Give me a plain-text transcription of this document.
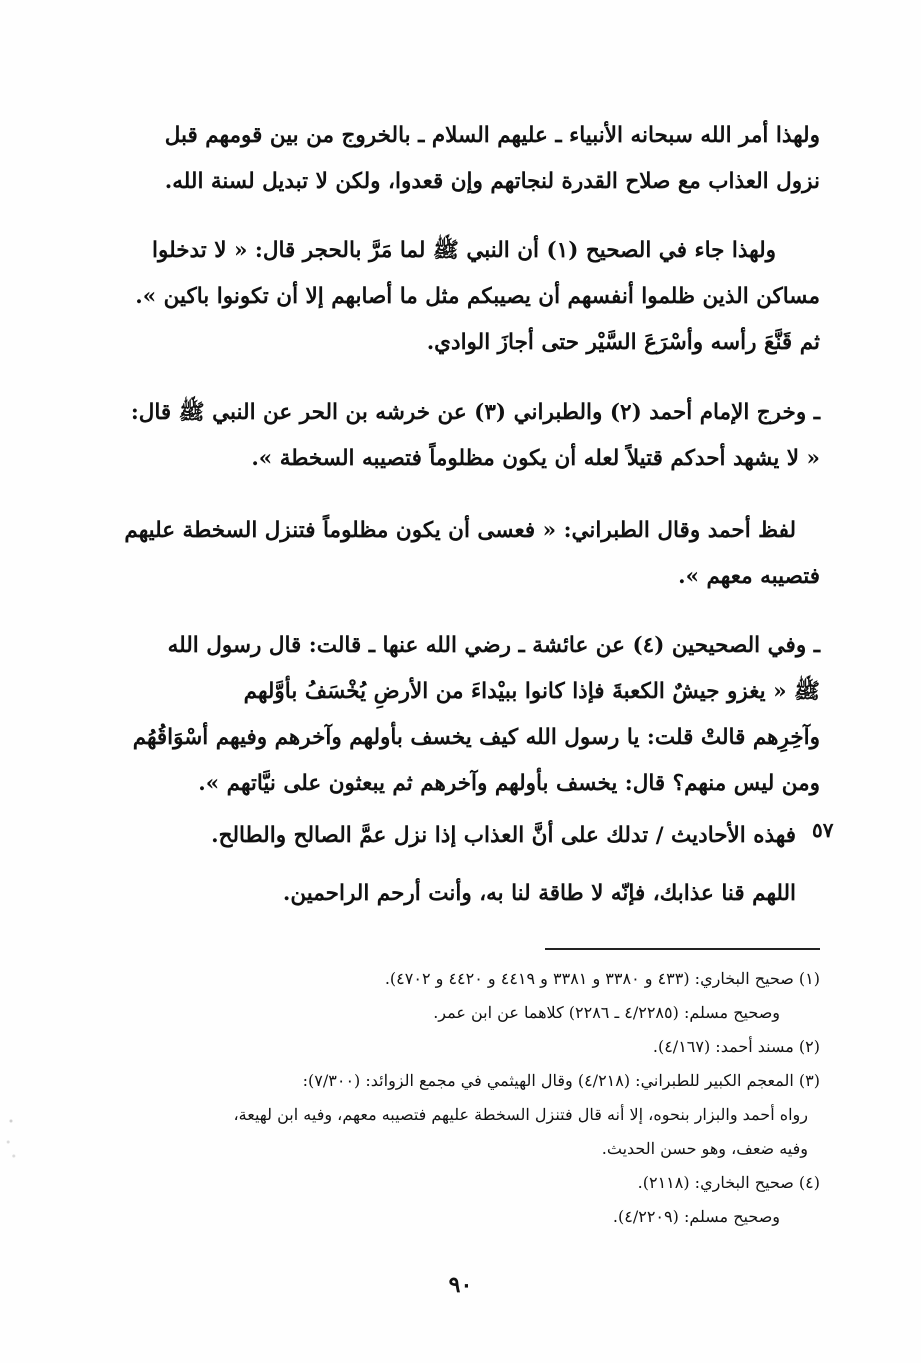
ولهذا أمر الله سبحانه الأنبياء ـ عليهم السلام ـ بالخروج من بين قومهم قبل

نزول العذاب مع صلاح القدرة لنجاتهم وإن قعدوا، ولكن لا تبديل لسنة الله.

ولهذا جاء في الصحيح (١) أن النبي ﷺ لما مَرَّ بالحجر قال: « لا تدخلوا

مساكن الذين ظلموا أنفسهم أن يصيبكم مثل ما أصابهم إلا أن تكونوا باكين ».

ثم قَنَّعَ رأسه وأسْرَعَ السَّيْر حتى أجازَ الوادي.

ـ وخرج الإمام أحمد (٢) والطبراني (٣) عن خرشه بن الحر عن النبي ﷺ قال:

« لا يشهد أحدكم قتيلاً لعله أن يكون مظلوماً فتصيبه السخطة ».

لفظ أحمد وقال الطبراني: « فعسى أن يكون مظلوماً فتنزل السخطة عليهم

فتصيبه معهم ».

ـ وفي الصحيحين (٤) عن عائشة ـ رضي الله عنها ـ قالت: قال رسول الله

ﷺ « يغزو جيشٌ الكعبةَ فإذا كانوا ببيْداءَ من الأرضِ يُخْسَفُ بأوَّلهم

وآخِرِهم قالتْ قلت: يا رسول الله كيف يخسف بأولهم وآخرهم وفيهم أسْوَاقُهُم

ومن ليس منهم؟ قال: يخسف بأولهم وآخرهم ثم يبعثون على نيَّاتهم ».

فهذه الأحاديث / تدلك على أنَّ العذاب إذا نزل عمَّ الصالح والطالح.

اللهم قنا عذابك، فإنّه لا طاقة لنا به، وأنت أرحم الراحمين.

٥٧

(١) صحيح البخاري: (٤٣٣ و ٣٣٨٠ و ٣٣٨١ و ٤٤١٩ و ٤٤٢٠ و ٤٧٠٢).

وصحيح مسلم: (٤/٢٢٨٥ ـ ٢٢٨٦) كلاهما عن ابن عمر.

(٢) مسند أحمد: (٤/١٦٧).

(٣) المعجم الكبير للطبراني: (٤/٢١٨) وقال الهيثمي في مجمع الزوائد: (٧/٣٠٠):

رواه أحمد والبزار بنحوه، إلا أنه قال فتنزل السخطة عليهم فتصيبه معهم، وفيه ابن لهيعة،

وفيه ضعف، وهو حسن الحديث.

(٤) صحيح البخاري: (٢١١٨).

وصحيح مسلم: (٤/٢٢٠٩).

٩٠
